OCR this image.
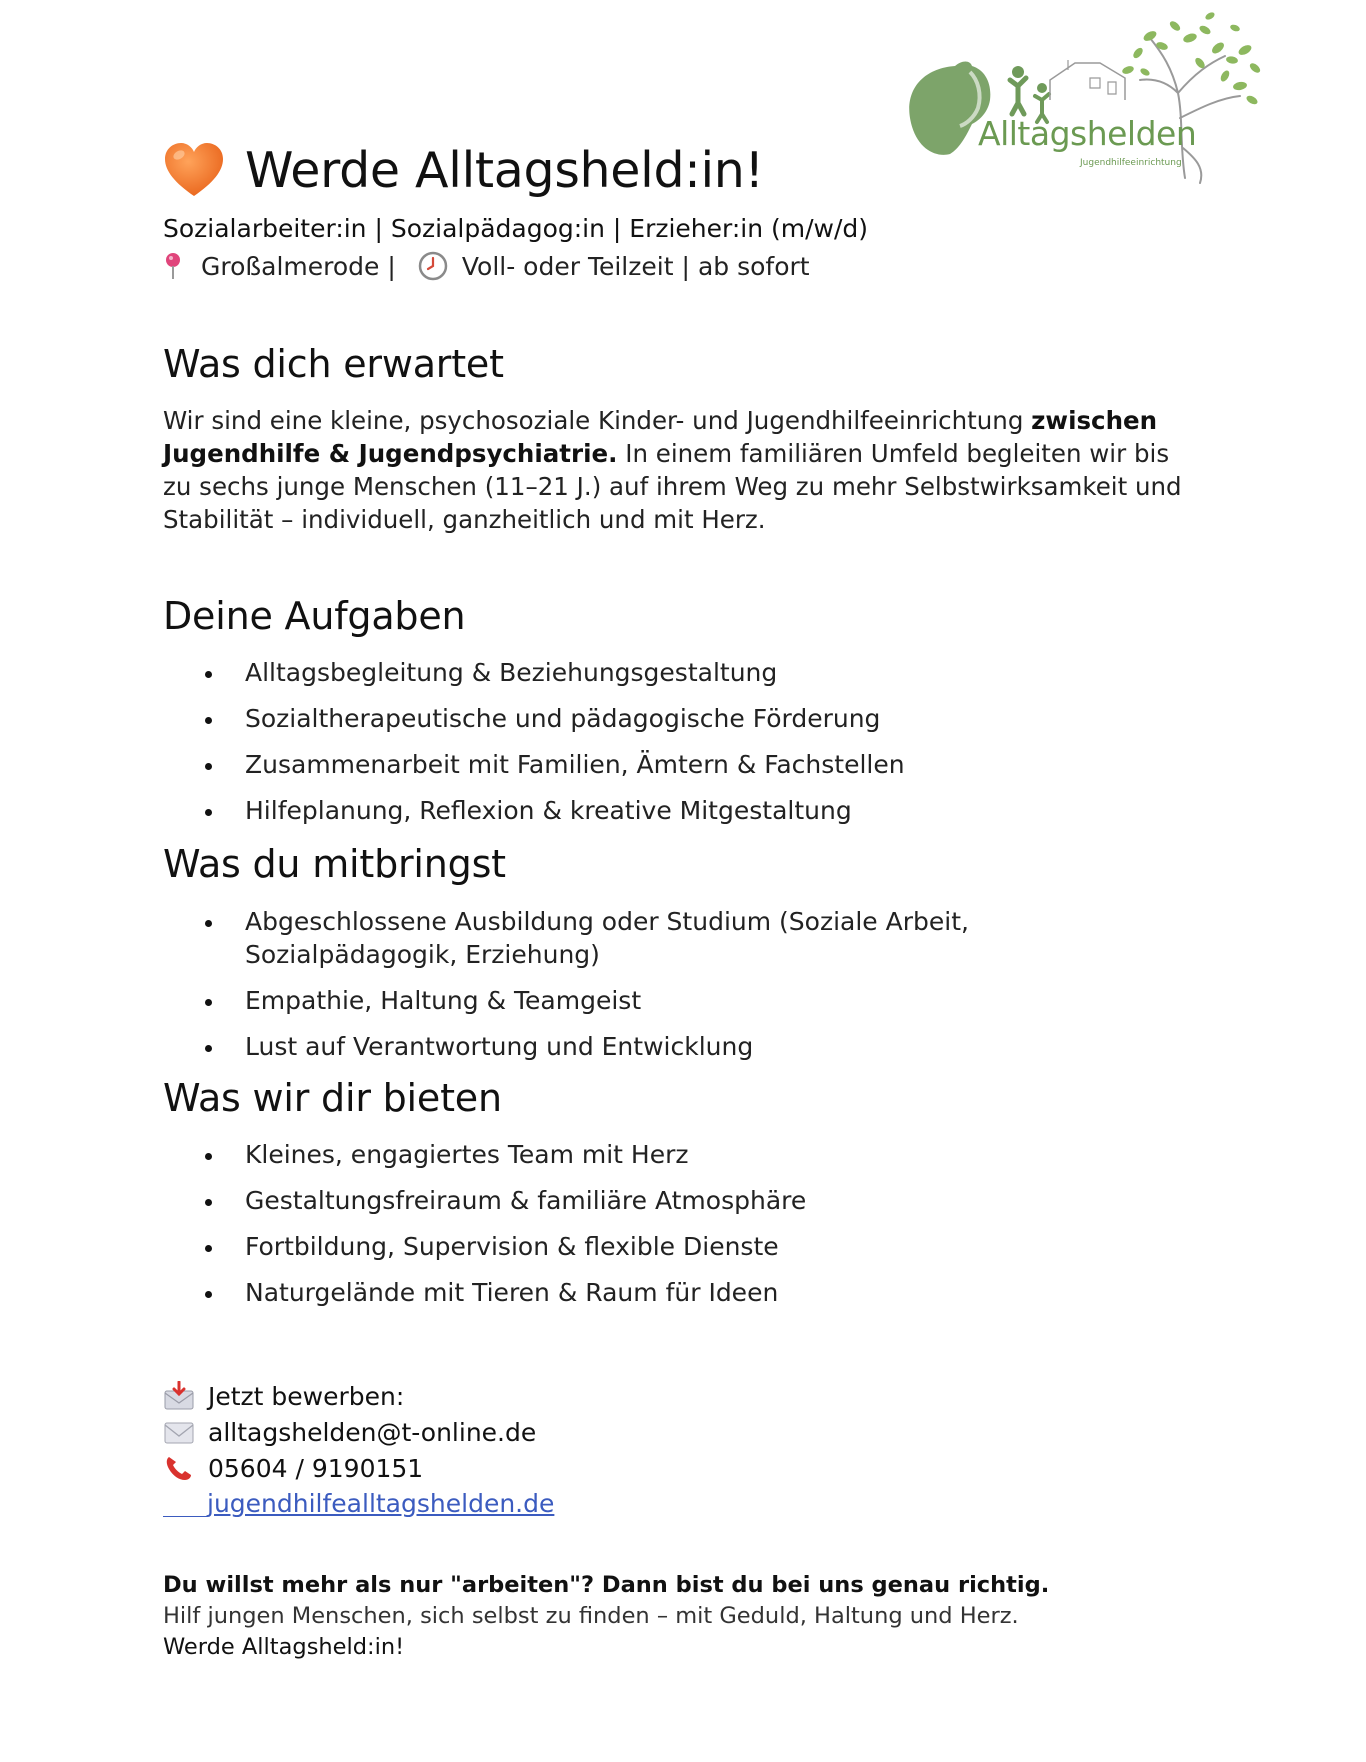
Alltagshelden
Jugendhilfeeinrichtung
Werde Alltagsheld:in!
Sozialarbeiter:in | Sozialpädagog:in | Erzieher:in (m/w/d)
Großalmerode |	Voll- oder Teilzeit | ab sofort
Was dich erwartet

Wir sind eine kleine, psychosoziale Kinder- und Jugendhilfeeinrichtung zwischen Jugendhilfe & Jugendpsychiatrie. In einem familiären Umfeld begleiten wir bis zu sechs junge Menschen (11–21 J.) auf ihrem Weg zu mehr Selbstwirksamkeit und Stabilität – individuell, ganzheitlich und mit Herz.

Deine Aufgaben
Alltagsbegleitung & Beziehungsgestaltung
Sozialtherapeutische und pädagogische Förderung
Zusammenarbeit mit Familien, Ämtern & Fachstellen
Hilfeplanung, Reflexion & kreative Mitgestaltung
Was du mitbringst
Abgeschlossene Ausbildung oder Studium (Soziale Arbeit, Sozialpädagogik, Erziehung)
Empathie, Haltung & Teamgeist
Lust auf Verantwortung und Entwicklung
Was wir dir bieten
Kleines, engagiertes Team mit Herz
Gestaltungsfreiraum & familiäre Atmosphäre
Fortbildung, Supervision & flexible Dienste
Naturgelände mit Tieren & Raum für Ideen
Jetzt bewerben:
alltagshelden@t-online.de
05604 / 9190151
jugendhilfealltagshelden.de
Du willst mehr als nur "arbeiten"? Dann bist du bei uns genau richtig.
Hilf jungen Menschen, sich selbst zu finden – mit Geduld, Haltung und Herz.
Werde Alltagsheld:in!
